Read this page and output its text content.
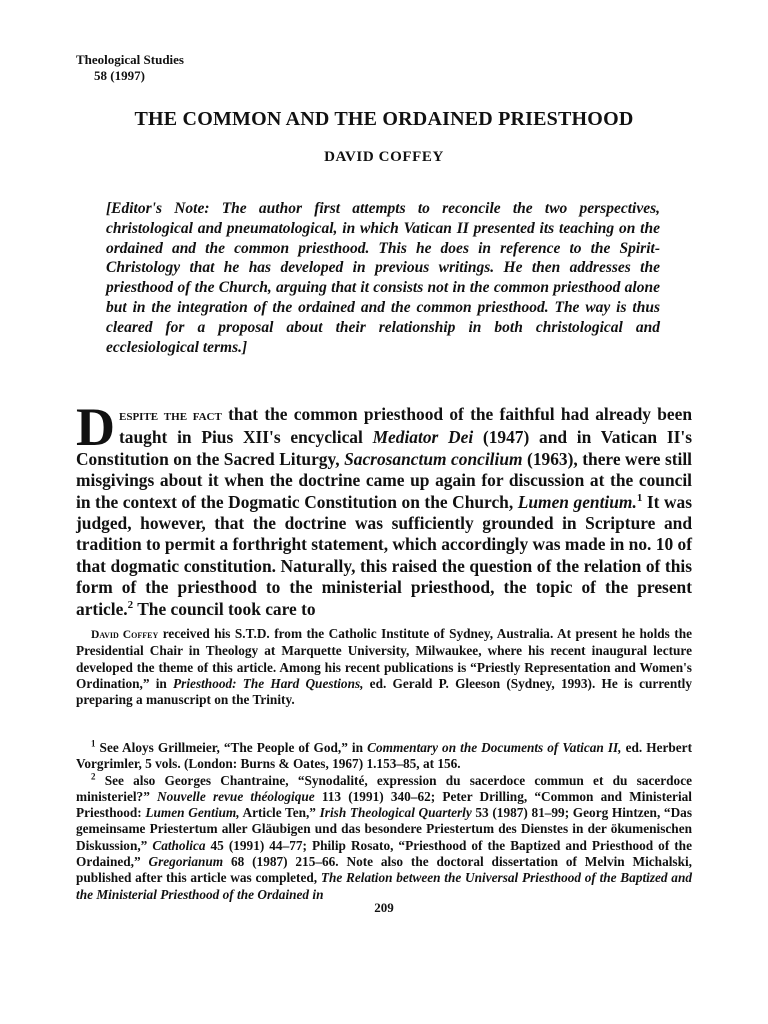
Theological Studies
58 (1997)
THE COMMON AND THE ORDAINED PRIESTHOOD
DAVID COFFEY
[Editor's Note: The author first attempts to reconcile the two perspectives, christological and pneumatological, in which Vatican II presented its teaching on the ordained and the common priesthood. This he does in reference to the Spirit-Christology that he has developed in previous writings. He then addresses the priesthood of the Church, arguing that it consists not in the common priesthood alone but in the integration of the ordained and the common priesthood. The way is thus cleared for a proposal about their relationship in both christological and ecclesiological terms.]
Despite the fact that the common priesthood of the faithful had already been taught in Pius XII's encyclical Mediator Dei (1947) and in Vatican II's Constitution on the Sacred Liturgy, Sacrosanctum concilium (1963), there were still misgivings about it when the doctrine came up again for discussion at the council in the context of the Dogmatic Constitution on the Church, Lumen gentium.$^1$ It was judged, however, that the doctrine was sufficiently grounded in Scripture and tradition to permit a forthright statement, which accordingly was made in no. 10 of that dogmatic constitution. Naturally, this raised the question of the relation of this form of the priesthood to the ministerial priesthood, the topic of the present article.$^2$ The council took care to
David Coffey received his S.T.D. from the Catholic Institute of Sydney, Australia. At present he holds the Presidential Chair in Theology at Marquette University, Milwaukee, where his recent inaugural lecture developed the theme of this article. Among his recent publications is “Priestly Representation and Women's Ordination,” in Priesthood: The Hard Questions, ed. Gerald P. Gleeson (Sydney, 1993). He is currently preparing a manuscript on the Trinity.

$^1$ See Aloys Grillmeier, “The People of God,” in Commentary on the Documents of Vatican II, ed. Herbert Vorgrimler, 5 vols. (London: Burns & Oates, 1967) 1.153–85, at 156.

$^2$ See also Georges Chantraine, “Synodalité, expression du sacerdoce commun et du sacerdoce ministeriel?” Nouvelle revue théologique 113 (1991) 340–62; Peter Drilling, “Common and Ministerial Priesthood: Lumen Gentium, Article Ten,” Irish Theological Quarterly 53 (1987) 81–99; Georg Hintzen, “Das gemeinsame Priestertum aller Gläubigen und das besondere Priestertum des Dienstes in der ökumenischen Diskussion,” Catholica 45 (1991) 44–77; Philip Rosato, “Priesthood of the Baptized and Priesthood of the Ordained,” Gregorianum 68 (1987) 215–66. Note also the doctoral dissertation of Melvin Michalski, published after this article was completed, The Relation between the Universal Priesthood of the Baptized and the Ministerial Priesthood of the Ordained in

209
